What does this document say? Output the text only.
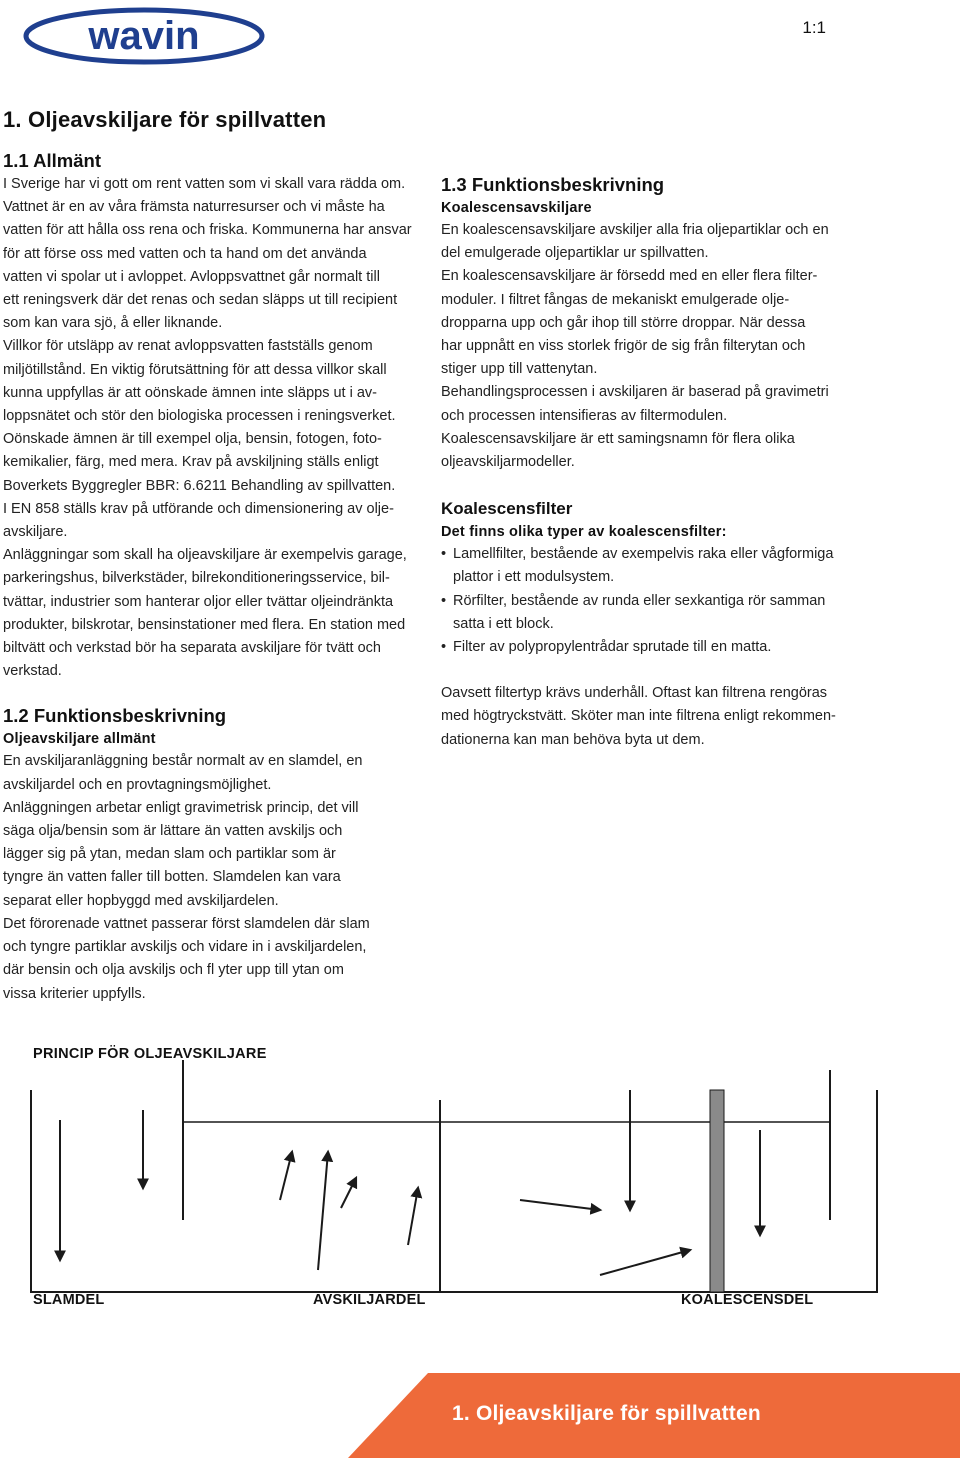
wavin	1:1
1. Oljeavskiljare för spillvatten
1.1 Allmänt

I Sverige har vi gott om rent vatten som vi skall vara rädda om.

Vattnet är en av våra främsta naturresurser och vi måste ha

vatten för att hålla oss rena och friska. Kommunerna har ansvar

för att förse oss med vatten och ta hand om det använda

vatten vi spolar ut i avloppet. Avloppsvattnet går normalt till

ett reningsverk där det renas och sedan släpps ut till recipient

som kan vara sjö, å eller liknande.

Villkor för utsläpp av renat avloppsvatten fastställs genom

miljötillstånd. En viktig förutsättning för att dessa villkor skall

kunna uppfyllas är att oönskade ämnen inte släpps ut i av-

loppsnätet och stör den biologiska processen i reningsverket.

Oönskade ämnen är till exempel olja, bensin, fotogen, foto-

kemikalier, färg, med mera. Krav på avskiljning ställs enligt

Boverkets Byggregler BBR: 6.6211 Behandling av spillvatten.

I EN 858 ställs krav på utförande och dimensionering av olje-

avskiljare.

Anläggningar som skall ha oljeavskiljare är exempelvis garage,

parkeringshus, bilverkstäder, bilrekonditioneringsservice, bil-

tvättar, industrier som hanterar oljor eller tvättar oljeindränkta

produkter, bilskrotar, bensinstationer med flera. En station med

biltvätt och verkstad bör ha separata avskiljare för tvätt och

verkstad.

1.2 Funktionsbeskrivning
Oljeavskiljare allmänt

En avskiljaranläggning består normalt av en slamdel, en

avskiljardel och en provtagningsmöjlighet.

Anläggningen arbetar enligt gravimetrisk princip, det vill

säga olja/bensin som är lättare än vatten avskiljs och

lägger sig på ytan, medan slam och partiklar som är

tyngre än vatten faller till botten. Slamdelen kan vara

separat eller hopbyggd med avskiljardelen.

Det förorenade vattnet passerar först slamdelen där slam

och tyngre partiklar avskiljs och vidare in i avskiljardelen,

där bensin och olja avskiljs och fl yter upp till ytan om

vissa kriterier uppfylls.

1.3 Funktionsbeskrivning
Koalescensavskiljare

En koalescensavskiljare avskiljer alla fria oljepartiklar och en

del emulgerade oljepartiklar ur spillvatten.

En koalescensavskiljare är försedd med en eller flera filter-

moduler. I filtret fångas de mekaniskt emulgerade olje-

dropparna upp och går ihop till större droppar. När dessa

har uppnått en viss storlek frigör de sig från filterytan och

stiger upp till vattenytan.

Behandlingsprocessen i avskiljaren är baserad på gravimetri

och processen intensifieras av filtermodulen.

Koalescensavskiljare är ett samingsnamn för flera olika

oljeavskiljarmodeller.

Koalescensfilter
Det finns olika typer av koalescensfilter:
• Lamellfilter, bestående av exempelvis raka eller vågformiga
plattor i ett modulsystem.
• Rörfilter, bestående av runda eller sexkantiga rör samman
satta i ett block.
• Filter av polypropylentrådar sprutade till en matta.

Oavsett filtertyp krävs underhåll. Oftast kan filtrena rengöras

med högtryckstvätt. Sköter man inte filtrena enligt rekommen-

dationerna kan man behöva byta ut dem.

PRINCIP FÖR OLJEAVSKILJARE
SLAMDEL	AVSKILJARDEL	KOALESCENSDEL
1. Oljeavskiljare för spillvatten
